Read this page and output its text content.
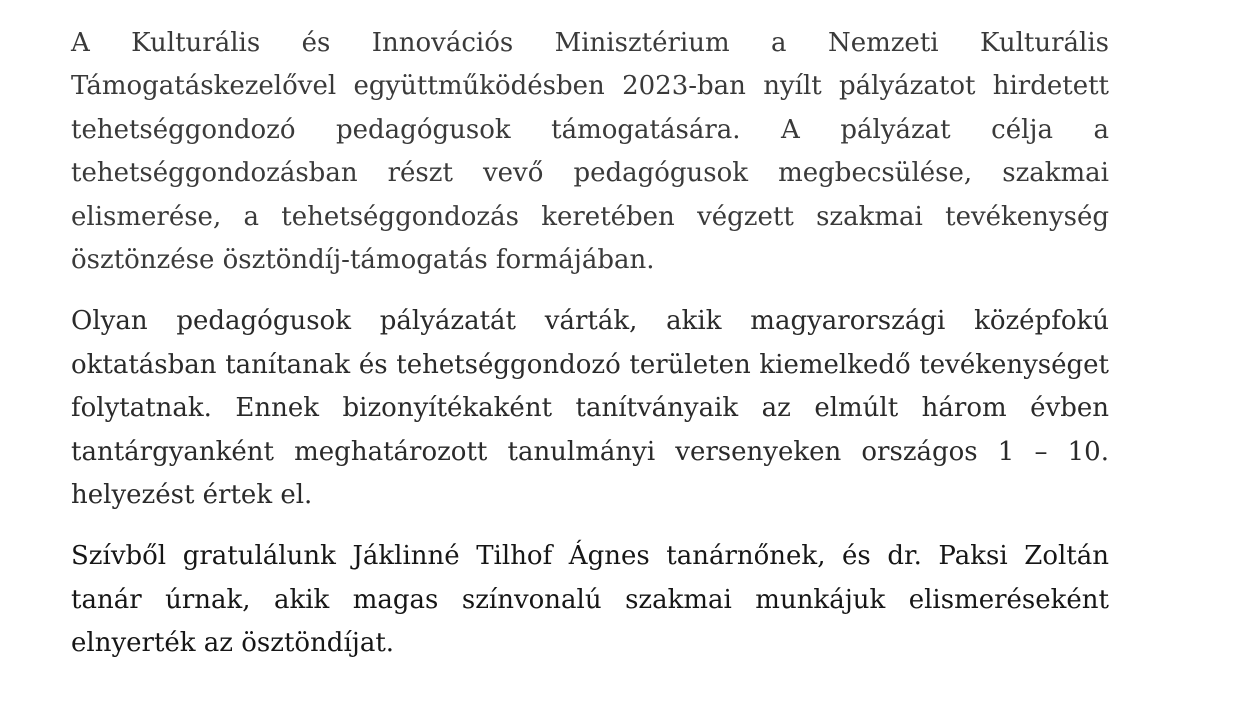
A Kulturális és Innovációs Minisztérium a Nemzeti Kulturális Támogatáskezelővel együttműködésben 2023-ban nyílt pályázatot hirdetett tehetséggondozó pedagógusok támogatására. A pályázat célja a tehetséggondozásban részt vevő pedagógusok megbecsülése, szakmai elismerése, a tehetséggondozás keretében végzett szakmai tevékenység ösztönzése ösztöndíj-támogatás formájában.

Olyan pedagógusok pályázatát várták, akik magyarországi középfokú oktatásban tanítanak és tehetséggondozó területen kiemelkedő tevékenységet folytatnak. Ennek bizonyítékaként tanítványaik az elmúlt három évben tantárgyanként meghatározott tanulmányi versenyeken országos 1 – 10. helyezést értek el.

Szívből gratulálunk Jáklinné Tilhof Ágnes tanárnőnek, és dr. Paksi Zoltán tanár úrnak, akik magas színvonalú szakmai munkájuk elismeréseként elnyerték az ösztöndíjat.
